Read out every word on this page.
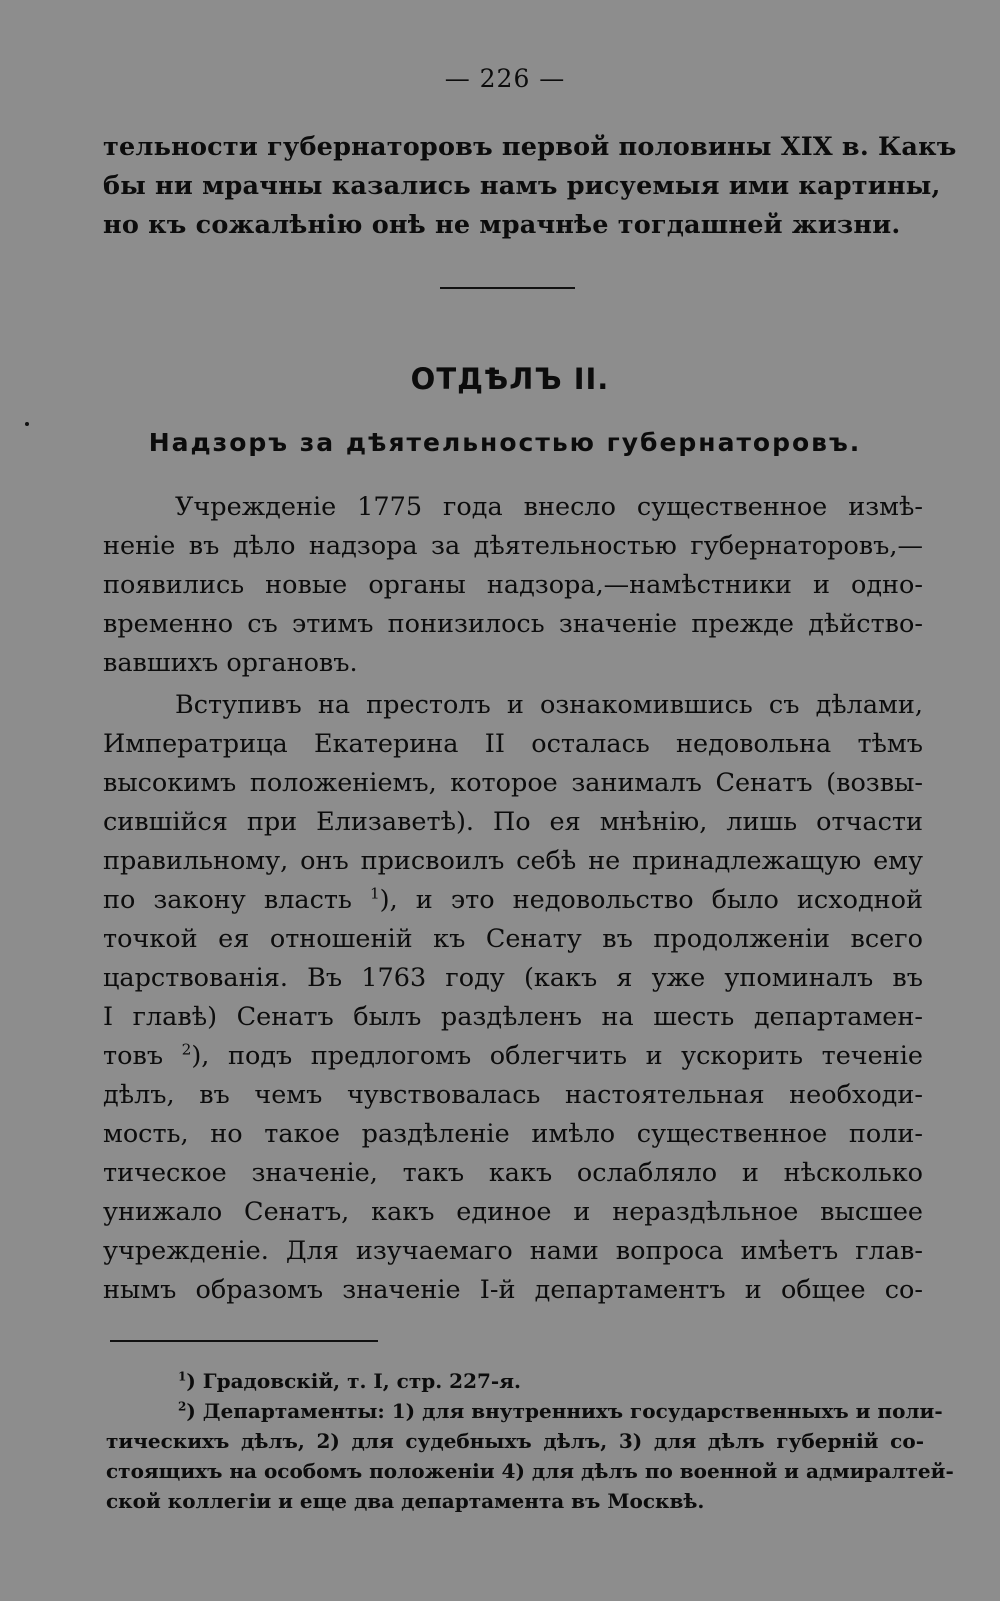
— 226 —
тельности губернаторовъ первой половины XIX в. Какъ
бы ни мрачны казались намъ рисуемыя ими картины,
но къ сожалѣнію онѣ не мрачнѣе тогдашней жизни.
ОТДѢЛЪ II.
Надзоръ за дѣятельностью губернаторовъ.
Учрежденіе 1775 года внесло существенное измѣ-
неніе въ дѣло надзора за дѣятельностью губернаторовъ,—
появились новые органы надзора,—намѣстники и одно-
временно съ этимъ понизилось значеніе прежде дѣйство-
вавшихъ органовъ.
Вступивъ на престолъ и ознакомившись съ дѣлами,
Императрица Екатерина II осталась недовольна тѣмъ
высокимъ положеніемъ, которое занималъ Сенатъ (возвы-
сившійся при Елизаветѣ). По ея мнѣнію, лишь отчасти
правильному, онъ присвоилъ себѣ не принадлежащую ему
по закону власть $^1$), и это недовольство было исходной
точкой ея отношеній къ Сенату въ продолженіи всего
царствованія. Въ 1763 году (какъ я уже упоминалъ въ
I главѣ) Сенатъ былъ раздѣленъ на шесть департамен-
товъ $^2$), подъ предлогомъ облегчить и ускорить теченіе
дѣлъ, въ чемъ чувствовалась настоятельная необходи-
мость, но такое раздѣленіе имѣло существенное поли-
тическое значеніе, такъ какъ ослабляло и нѣсколько
унижало Сенатъ, какъ единое и нераздѣльное высшее
учрежденіе. Для изучаемаго нами вопроса имѣетъ глав-
нымъ образомъ значеніе I-й департаментъ и общее со-
$^1$) Градовскій, т. I, стр. 227-я.
$^2$) Департаменты: 1) для внутреннихъ государственныхъ и поли-
тическихъ дѣлъ, 2) для судебныхъ дѣлъ, 3) для дѣлъ губерній со-
стоящихъ на особомъ положеніи 4) для дѣлъ по военной и адмиралтей-
ской коллегіи и еще два департамента въ Москвѣ.
